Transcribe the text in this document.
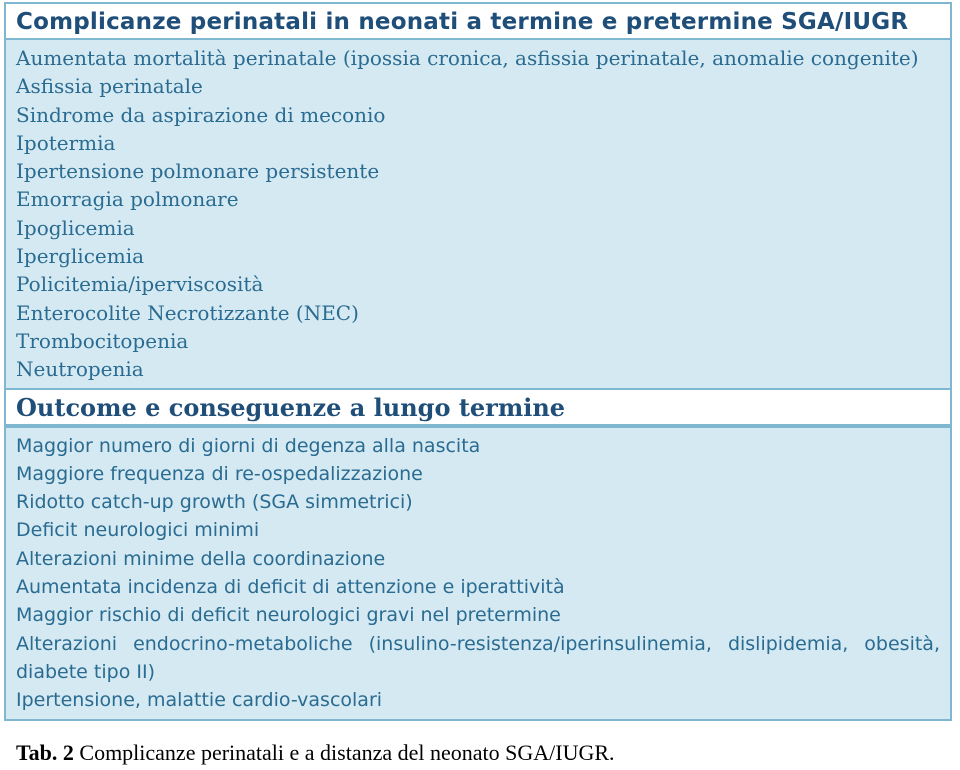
Complicanze perinatali in neonati a termine e pretermine SGA/IUGR
Aumentata mortalità perinatale (ipossia cronica, asfissia perinatale, anomalie congenite)
Asfissia perinatale
Sindrome da aspirazione di meconio
Ipotermia
Ipertensione polmonare persistente
Emorragia polmonare
Ipoglicemia
Iperglicemia
Policitemia/iperviscosità
Enterocolite Necrotizzante (NEC)
Trombocitopenia
Neutropenia
Outcome e conseguenze a lungo termine
Maggior numero di giorni di degenza alla nascita
Maggiore frequenza di re-ospedalizzazione
Ridotto catch-up growth (SGA simmetrici)
Deficit neurologici minimi
Alterazioni minime della coordinazione
Aumentata incidenza di deficit di attenzione e iperattività
Maggior rischio di deficit neurologici gravi nel pretermine
Alterazioni endocrino-metaboliche (insulino-resistenza/iperinsulinemia, dislipidemia, obesità, diabete tipo II)
Ipertensione, malattie cardio-vascolari
Tab. 2 Complicanze perinatali e a distanza del neonato SGA/IUGR.
